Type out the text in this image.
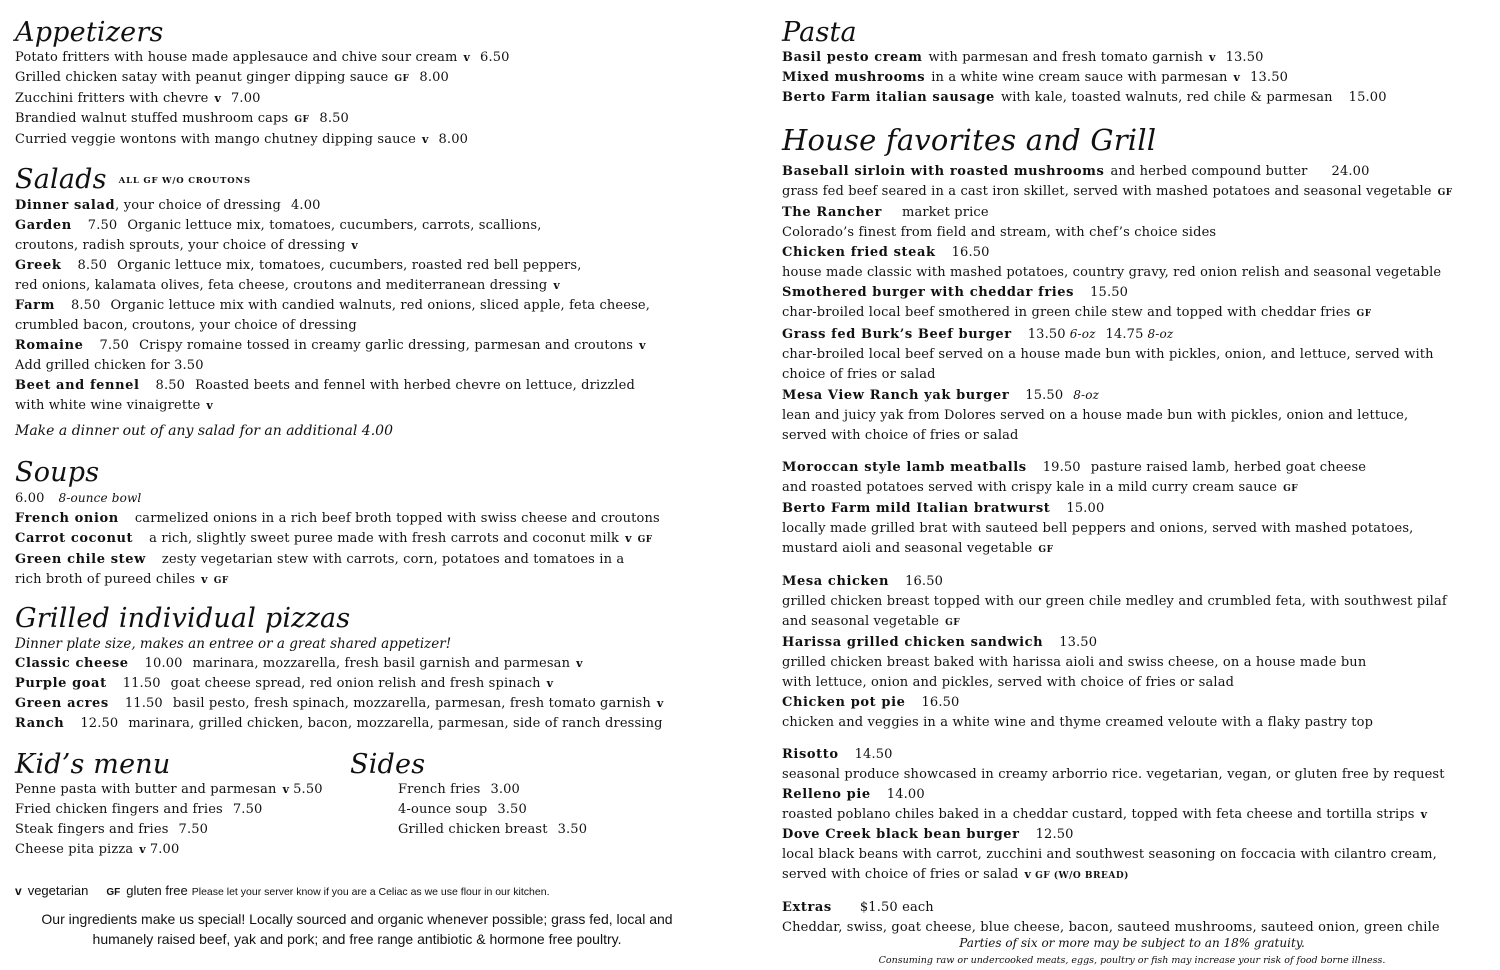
Appetizers
Potato fritters with house made applesauce and chive sour cream v 6.50
Grilled chicken satay with peanut ginger dipping sauce GF 8.00
Zucchini fritters with chevre v 7.00
Brandied walnut stuffed mushroom caps GF 8.50
Curried veggie wontons with mango chutney dipping sauce v 8.00
Salads ALL GF W/O CROUTONS
Dinner salad, your choice of dressing 4.00
Garden 7.50 Organic lettuce mix, tomatoes, cucumbers, carrots, scallions,
croutons, radish sprouts, your choice of dressing v
Greek 8.50 Organic lettuce mix, tomatoes, cucumbers, roasted red bell peppers,
red onions, kalamata olives, feta cheese, croutons and mediterranean dressing v
Farm 8.50 Organic lettuce mix with candied walnuts, red onions, sliced apple, feta cheese,
crumbled bacon, croutons, your choice of dressing
Romaine 7.50 Crispy romaine tossed in creamy garlic dressing, parmesan and croutons v
Add grilled chicken for 3.50
Beet and fennel 8.50 Roasted beets and fennel with herbed chevre on lettuce, drizzled
with white wine vinaigrette v
Make a dinner out of any salad for an additional 4.00
Soups
6.00 8-ounce bowl
French onion carmelized onions in a rich beef broth topped with swiss cheese and croutons
Carrot coconut a rich, slightly sweet puree made with fresh carrots and coconut milk v GF
Green chile stew zesty vegetarian stew with carrots, corn, potatoes and tomatoes in a
rich broth of pureed chiles v GF
Grilled individual pizzas
Dinner plate size, makes an entree or a great shared appetizer!
Classic cheese 10.00 marinara, mozzarella, fresh basil garnish and parmesan v
Purple goat 11.50 goat cheese spread, red onion relish and fresh spinach v
Green acres 11.50 basil pesto, fresh spinach, mozzarella, parmesan, fresh tomato garnish v
Ranch 12.50 marinara, grilled chicken, bacon, mozzarella, parmesan, side of ranch dressing
Kid’s menu
Penne pasta with butter and parmesan v 5.50
Fried chicken fingers and fries 7.50
Steak fingers and fries 7.50
Cheese pita pizza v 7.00
Sides
French fries 3.00
4-ounce soup 3.50
Grilled chicken breast 3.50
v vegetarian GF gluten free Please let your server know if you are a Celiac as we use flour in our kitchen.
Our ingredients make us special! Locally sourced and organic whenever possible; grass fed, local and humanely raised beef, yak and pork; and free range antibiotic & hormone free poultry.
Pasta
Basil pesto cream with parmesan and fresh tomato garnish v 13.50
Mixed mushrooms in a white wine cream sauce with parmesan v 13.50
Berto Farm italian sausage with kale, toasted walnuts, red chile & parmesan 15.00
House favorites and Grill
Baseball sirloin with roasted mushrooms and herbed compound butter 24.00
grass fed beef seared in a cast iron skillet, served with mashed potatoes and seasonal vegetable GF
The Rancher market price
Colorado’s finest from field and stream, with chef’s choice sides
Chicken fried steak 16.50
house made classic with mashed potatoes, country gravy, red onion relish and seasonal vegetable
Smothered burger with cheddar fries 15.50
char-broiled local beef smothered in green chile stew and topped with cheddar fries GF
Grass fed Burk’s Beef burger 13.50 6-oz 14.75 8-oz
char-broiled local beef served on a house made bun with pickles, onion, and lettuce, served with
choice of fries or salad
Mesa View Ranch yak burger 15.50 8-oz
lean and juicy yak from Dolores served on a house made bun with pickles, onion and lettuce,
served with choice of fries or salad
Moroccan style lamb meatballs 19.50 pasture raised lamb, herbed goat cheese
and roasted potatoes served with crispy kale in a mild curry cream sauce GF
Berto Farm mild Italian bratwurst 15.00
locally made grilled brat with sauteed bell peppers and onions, served with mashed potatoes,
mustard aioli and seasonal vegetable GF
Mesa chicken 16.50
grilled chicken breast topped with our green chile medley and crumbled feta, with southwest pilaf
and seasonal vegetable GF
Harissa grilled chicken sandwich 13.50
grilled chicken breast baked with harissa aioli and swiss cheese, on a house made bun
with lettuce, onion and pickles, served with choice of fries or salad
Chicken pot pie 16.50
chicken and veggies in a white wine and thyme creamed veloute with a flaky pastry top
Risotto 14.50
seasonal produce showcased in creamy arborrio rice. vegetarian, vegan, or gluten free by request
Relleno pie 14.00
roasted poblano chiles baked in a cheddar custard, topped with feta cheese and tortilla strips v
Dove Creek black bean burger 12.50
local black beans with carrot, zucchini and southwest seasoning on foccacia with cilantro cream,
served with choice of fries or salad v GF (W/O BREAD)
Extras $1.50 each
Cheddar, swiss, goat cheese, blue cheese, bacon, sauteed mushrooms, sauteed onion, green chile
Parties of six or more may be subject to an 18% gratuity.
Consuming raw or undercooked meats, eggs, poultry or fish may increase your risk of food borne illness.
